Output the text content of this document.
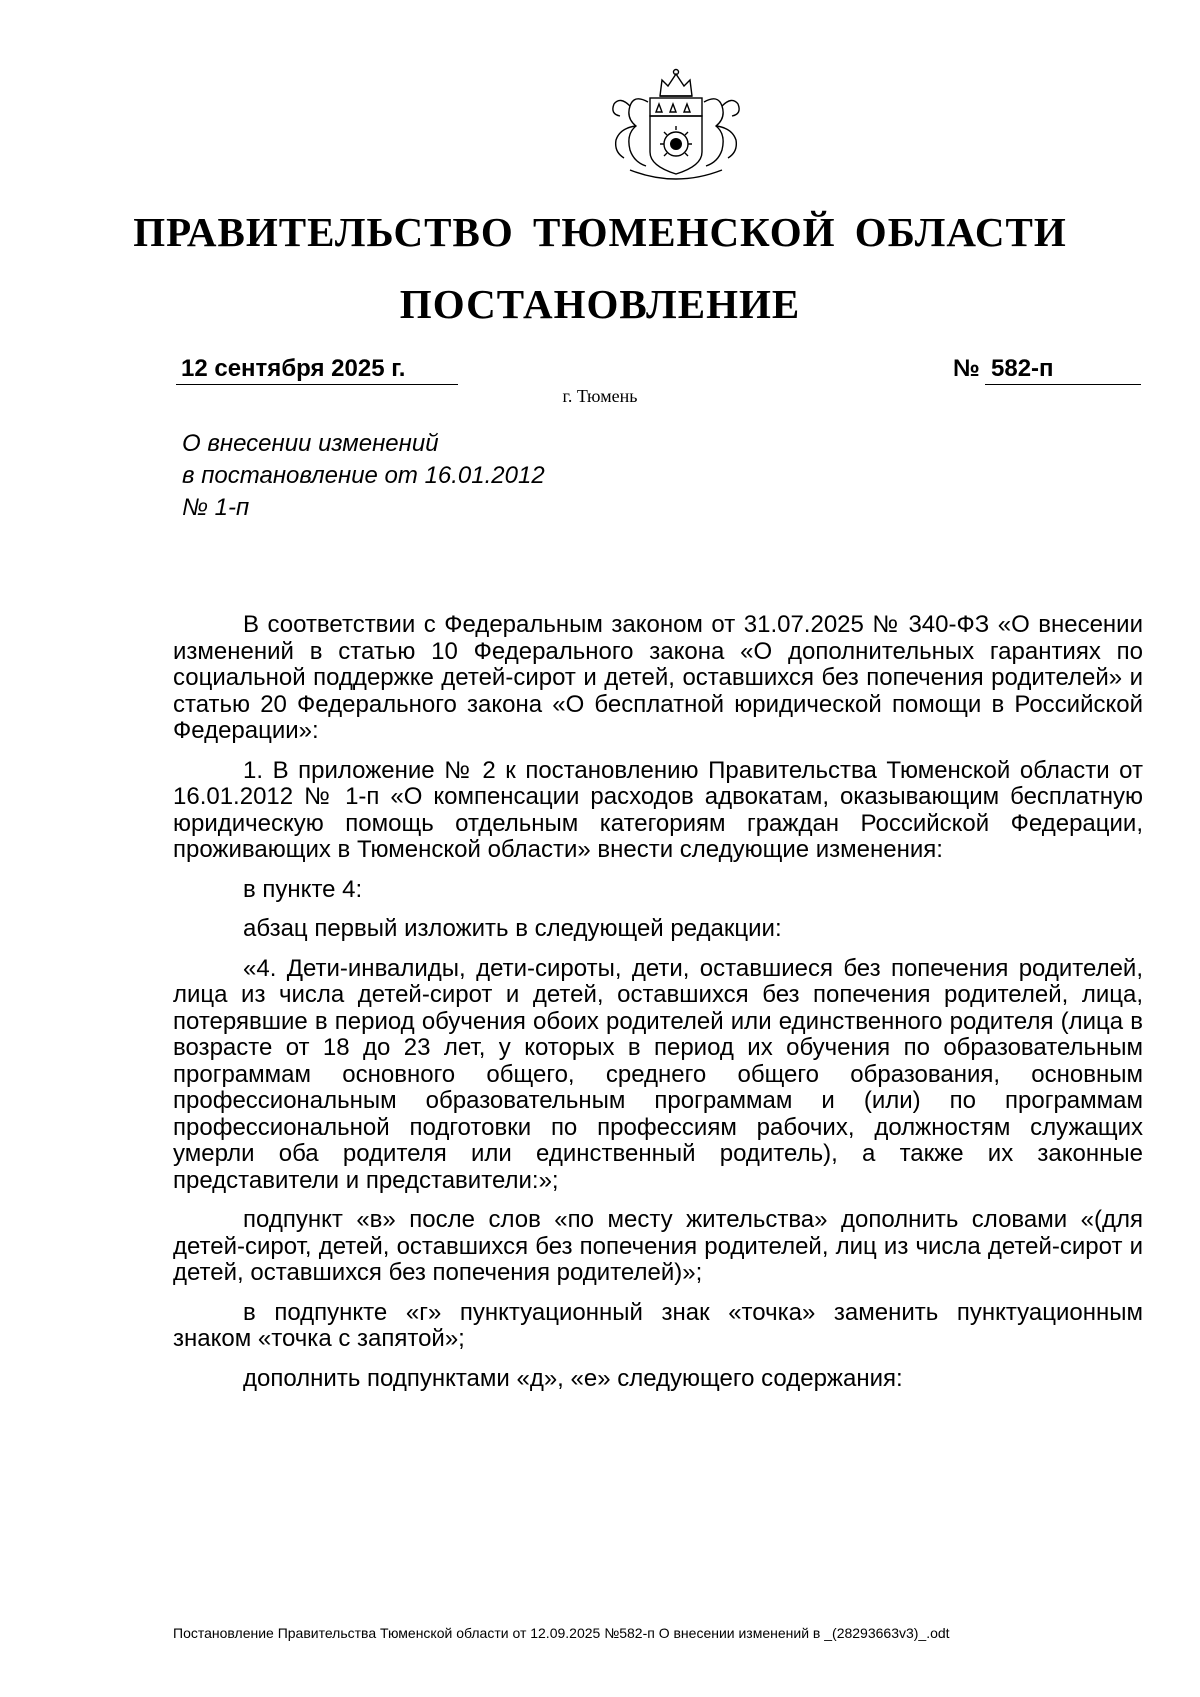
ПРАВИТЕЛЬСТВО ТЮМЕНСКОЙ ОБЛАСТИ
ПОСТАНОВЛЕНИЕ
12 сентября 2025 г.	№ 582-п
г. Тюмень
О внесении изменений
в постановление от 16.01.2012
№ 1-п

В соответствии с Федеральным законом от 31.07.2025 № 340-ФЗ «О внесении изменений в статью 10 Федерального закона «О дополнительных гарантиях по социальной поддержке детей-сирот и детей, оставшихся без попечения родителей» и статью 20 Федерального закона «О бесплатной юридической помощи в Российской Федерации»:

1. В приложение № 2 к постановлению Правительства Тюменской области от 16.01.2012 № 1-п «О компенсации расходов адвокатам, оказывающим бесплатную юридическую помощь отдельным категориям граждан Российской Федерации, проживающих в Тюменской области» внести следующие изменения:

в пункте 4:

абзац первый изложить в следующей редакции:

«4. Дети-инвалиды, дети-сироты, дети, оставшиеся без попечения родителей, лица из числа детей-сирот и детей, оставшихся без попечения родителей, лица, потерявшие в период обучения обоих родителей или единственного родителя (лица в возрасте от 18 до 23 лет, у которых в период их обучения по образовательным программам основного общего, среднего общего образования, основным профессиональным образовательным программам и (или) по программам профессиональной подготовки по профессиям рабочих, должностям служащих умерли оба родителя или единственный родитель), а также их законные представители и представители:»;

подпункт «в» после слов «по месту жительства» дополнить словами «(для детей-сирот, детей, оставшихся без попечения родителей, лиц из числа детей-сирот и детей, оставшихся без попечения родителей)»;

в подпункте «г» пунктуационный знак «точка» заменить пунктуационным знаком «точка с запятой»;

дополнить подпунктами «д», «е» следующего содержания:

Постановление Правительства Тюменской области от 12.09.2025 №582-п О внесении изменений в _(28293663v3)_.odt
